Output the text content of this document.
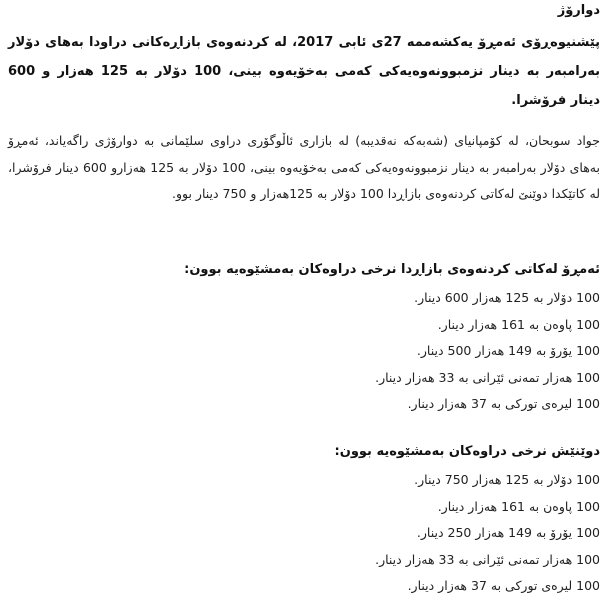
دوارۆژ

پێشنیوەڕۆی ئەمڕۆ یەکشەممە 27ی ئابی 2017، لە کردنەوەی بازاڕەکانی دراودا بەهای دۆلار بەرامبەر بە دینار نزمبوونەوەیەکی کەمی بەخۆیەوە بینی، 100 دۆلار بە 125 هەزار و 600 دینار فرۆشرا.

جواد سوبحان، لە کۆمپانیای (شەبەکە نەقدیبە) لە بازاری ئاڵوگۆری دراوی سلێمانی بە دوارۆژی راگەیاند، ئەمڕۆ بەهای دۆلار بەرامبەر بە دینار نزمبوونەوەیەکی کەمی بەخۆیەوە بینی، 100 دۆلار بە 125 هەزارو 600 دینار فرۆشرا، لە کاتێکدا دوێنێ لەکاتی کردنەوەی بازاڕدا 100 دۆلار بە 125هەزار و 750 دینار بوو.

ئەمڕۆ لەکاتی کردنەوەی بازاڕدا نرخی دراوەکان بەمشێوەیە بوون:

100 دۆلار بە 125 هەزار 600 دینار.
100 پاوەن بە 161 هەزار دینار.
100 یۆرۆ بە 149 هەزار 500 دینار.
100 هەزار تمەنی ئێرانی بە 33 هەزار دینار.
100 لیرەی تورکی بە 37 هەزار دینار.

دوێنێش نرخی دراوەکان بەمشێوەیە بوون:

100 دۆلار بە 125 هەزار 750 دینار.
100 پاوەن بە 161 هەزار دینار.
100 یۆرۆ بە 149 هەزار 250 دینار.
100 هەزار تمەنی ئێرانی بە 33 هەزار دینار.
100 لیرەی تورکی بە 37 هەزار دینار.
